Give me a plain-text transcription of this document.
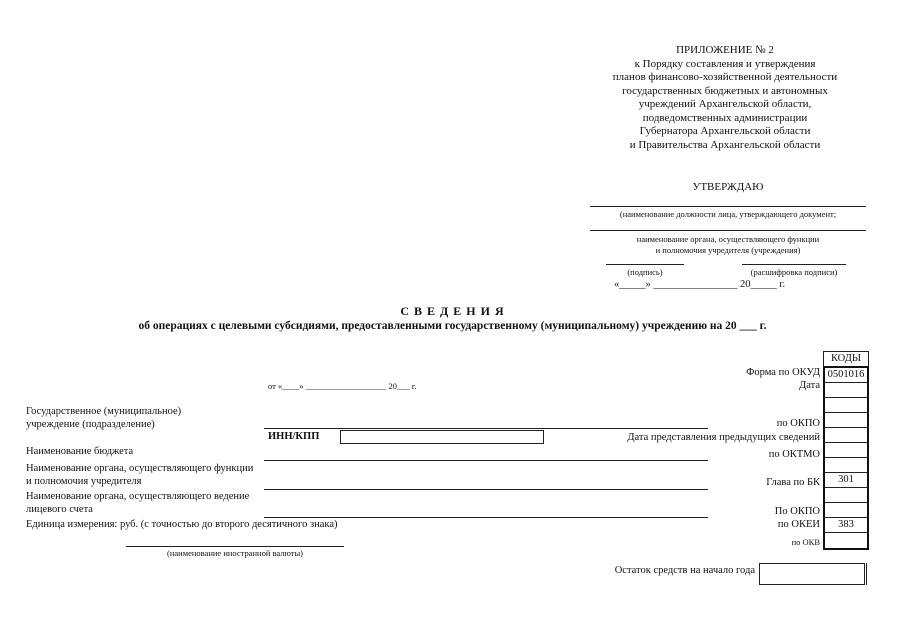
ПРИЛОЖЕНИЕ № 2
к Порядку составления и утверждения
планов финансово-хозяйственной деятельности
государственных бюджетных и автономных
учреждений Архангельской области,
подведомственных администрации
Губернатора Архангельской области
и Правительства Архангельской области
УТВЕРЖДАЮ
(наименование должности лица, утверждающего документ;
наименование органа, осуществляющего функции
и полномочия учредителя (учреждения)
(подпись)	(расшифровка подписи)
«_____» ________________ 20_____ г.
С В Е Д Е Н И Я
об операциях с целевыми субсидиями, предоставленными государственному (муниципальному) учреждению на 20 ___ г.
КОДЫ
0501016
301
383
Форма по ОКУД
Дата
по ОКПО
по ОКТМО
Глава по БК
По ОКПО
по ОКЕИ
по ОКВ
от «____» ___________________ 20___ г.
Государственное (муниципальное)
учреждение (подразделение)
ИНН/КПП	Дата представления предыдущих сведений
Наименование бюджета
Наименование органа, осуществляющего функции
и полномочия учредителя
Наименование органа, осуществляющего ведение
лицевого счета
Единица измерения: руб. (с точностью до второго десятичного знака)
(наименование иностранной валюты)
Остаток средств на начало года
